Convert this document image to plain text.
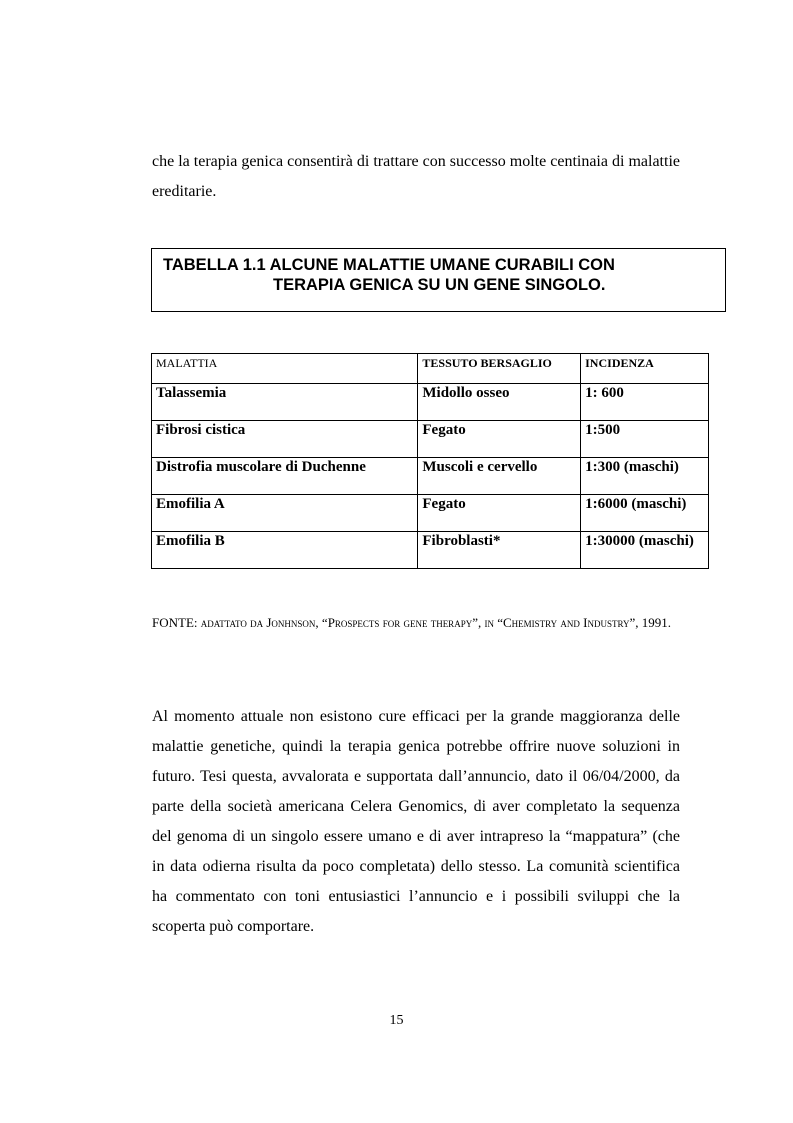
che la terapia genica consentirà di trattare con successo molte centinaia di malattie ereditarie.

TABELLA 1.1 ALCUNE MALATTIE UMANE CURABILI CON
TERAPIA GENICA SU UN GENE SINGOLO.
MALATTIA	TESSUTO BERSAGLIO	INCIDENZA
Talassemia	Midollo osseo	1: 600
Fibrosi cistica	Fegato	1:500
Distrofia muscolare di Duchenne	Muscoli e cervello	1:300 (maschi)
Emofilia A	Fegato	1:6000 (maschi)
Emofilia B	Fibroblasti*	1:30000 (maschi)

FONTE: adattato da Jonhnson, “Prospects for gene therapy”, in “Chemistry and Industry”, 1991.

Al momento attuale non esistono cure efficaci per la grande maggioranza delle malattie genetiche, quindi la terapia genica potrebbe offrire nuove soluzioni in futuro. Tesi questa, avvalorata e supportata dall’annuncio, dato il 06/04/2000, da parte della società americana Celera Genomics, di aver completato la sequenza del genoma di un singolo essere umano e di aver intrapreso la “mappatura” (che in data odierna risulta da poco completata) dello stesso. La comunità scientifica ha commentato con toni entusiastici l’annuncio e i possibili sviluppi che la scoperta può comportare.

15
